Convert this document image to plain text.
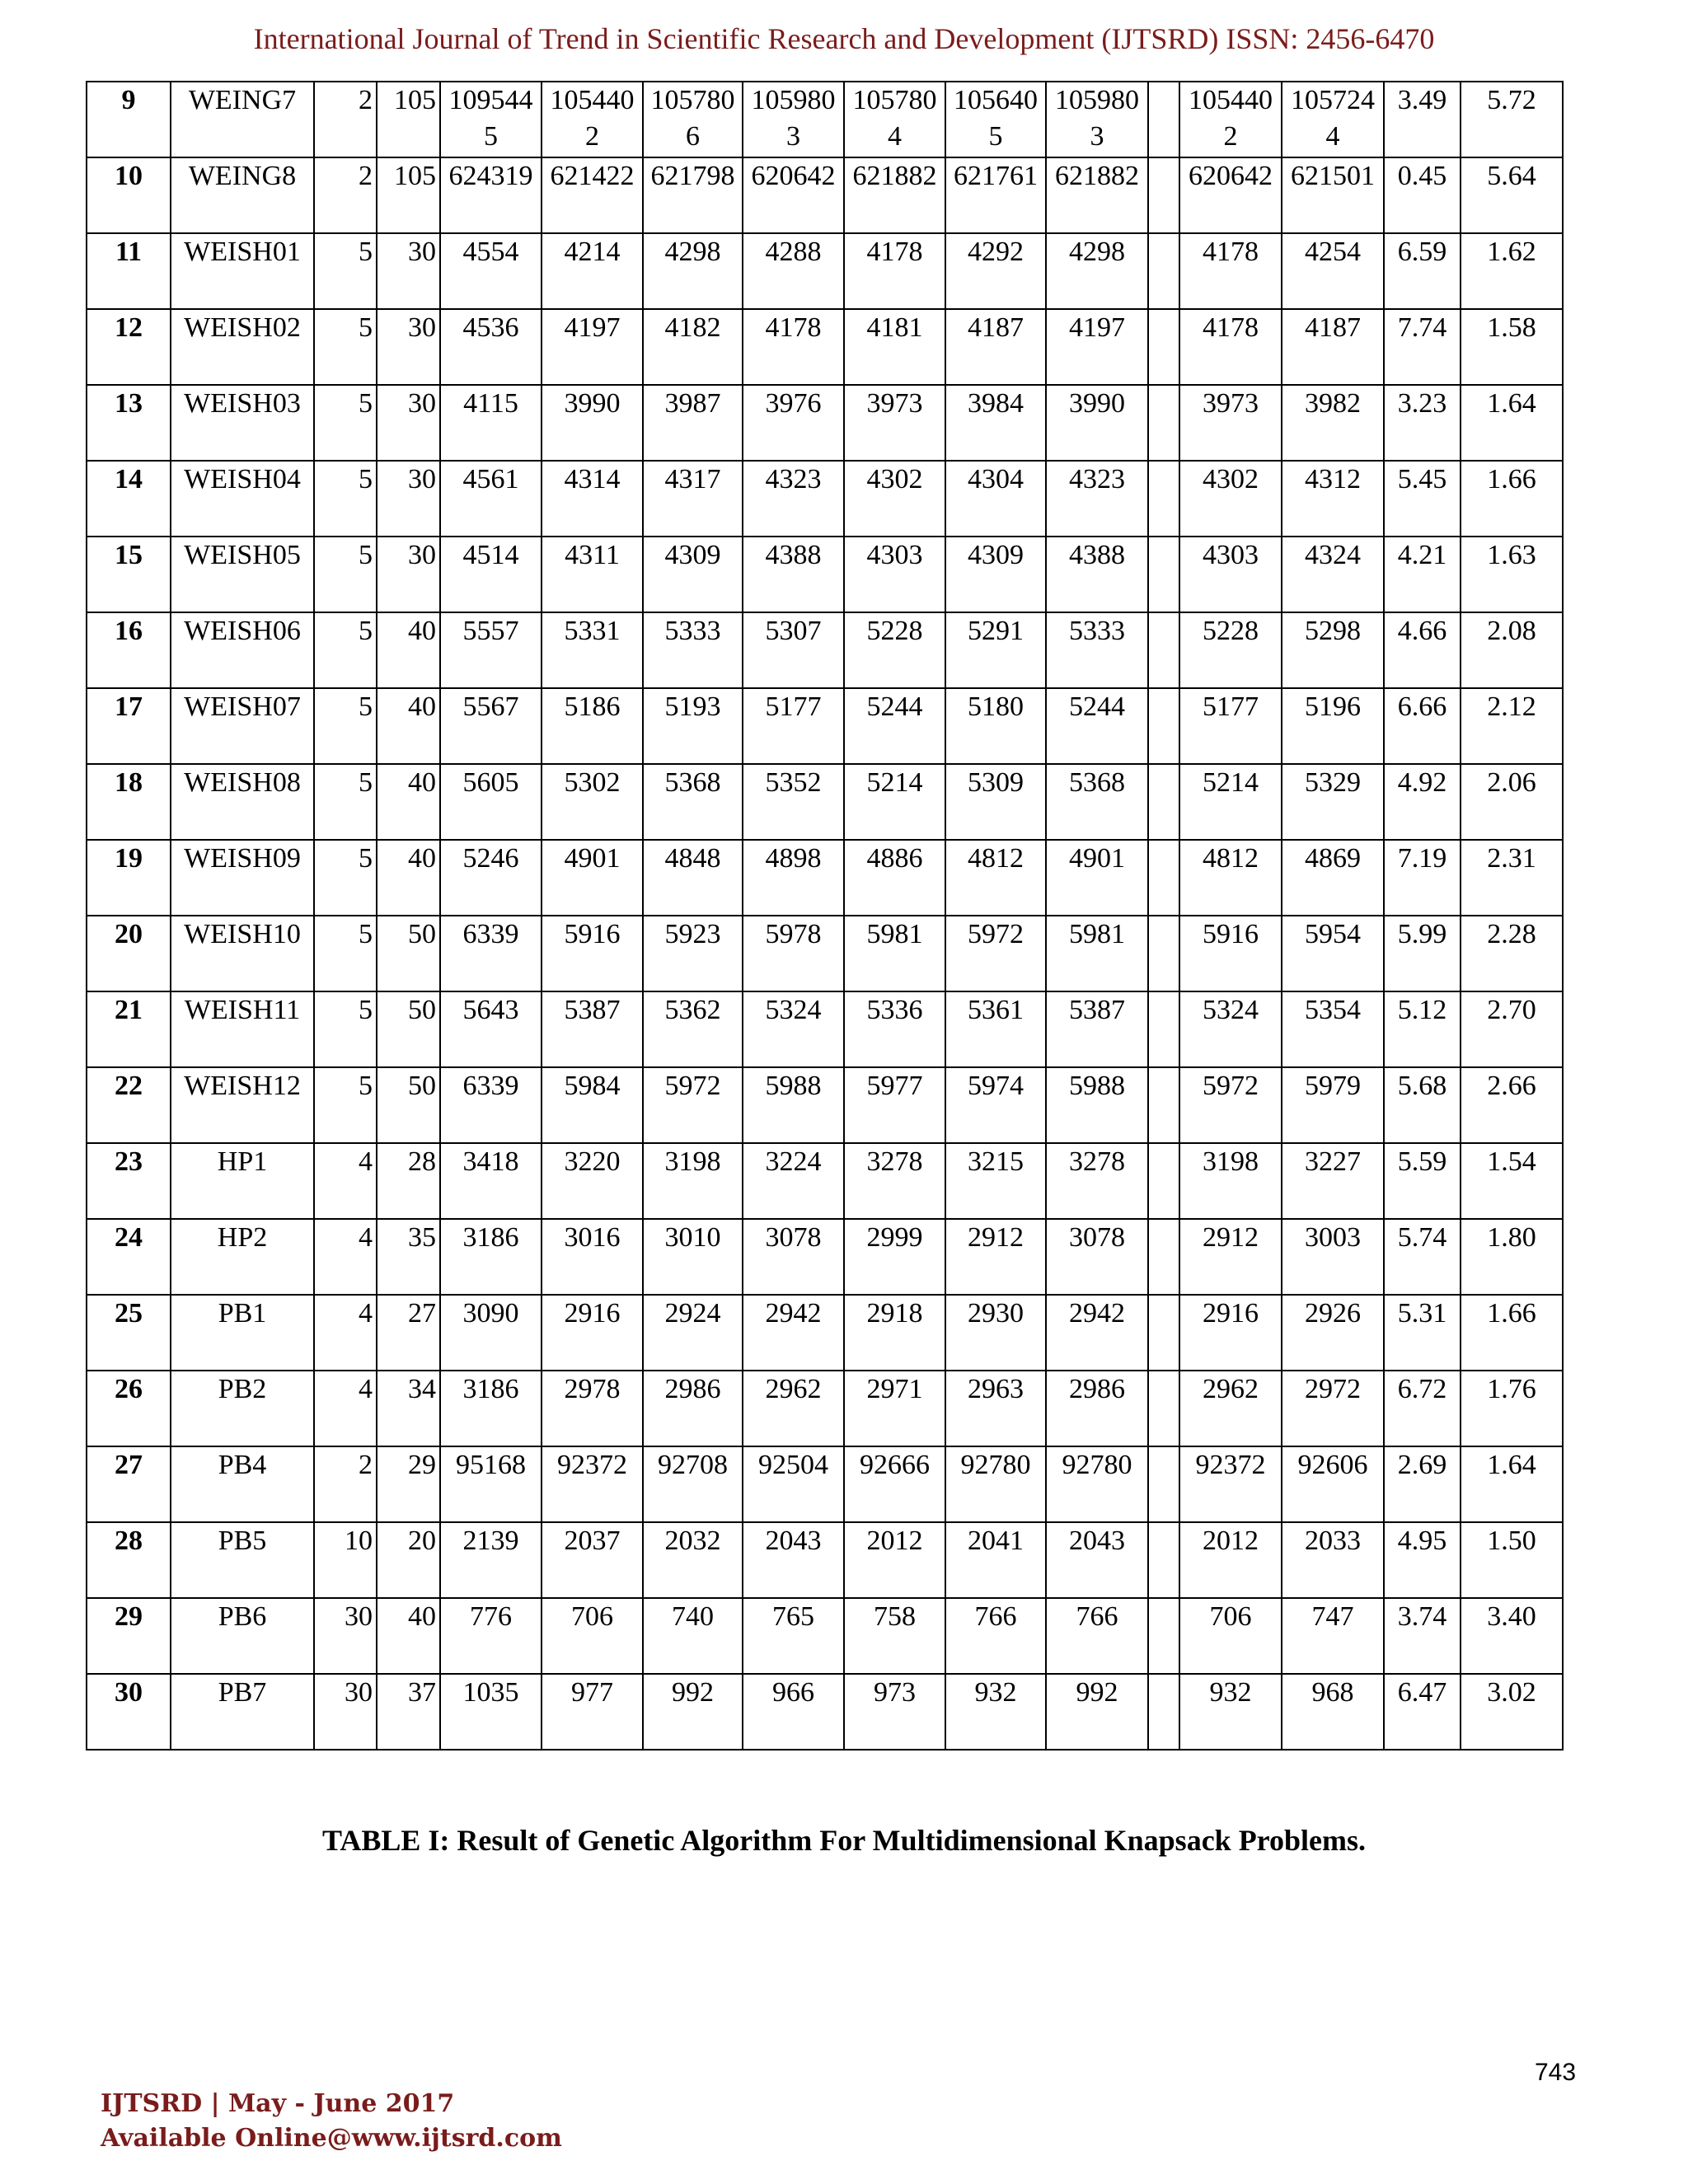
International Journal of Trend in Scientific Research and Development (IJTSRD) ISSN: 2456-6470
9	WEING7	2	105	1095445	1054402	1057806	1059803	1057804	1056405	1059803		1054402	1057244	3.49	5.72
10	WEING8	2	105	624319	621422	621798	620642	621882	621761	621882		620642	621501	0.45	5.64
11	WEISH01	5	30	4554	4214	4298	4288	4178	4292	4298		4178	4254	6.59	1.62
12	WEISH02	5	30	4536	4197	4182	4178	4181	4187	4197		4178	4187	7.74	1.58
13	WEISH03	5	30	4115	3990	3987	3976	3973	3984	3990		3973	3982	3.23	1.64
14	WEISH04	5	30	4561	4314	4317	4323	4302	4304	4323		4302	4312	5.45	1.66
15	WEISH05	5	30	4514	4311	4309	4388	4303	4309	4388		4303	4324	4.21	1.63
16	WEISH06	5	40	5557	5331	5333	5307	5228	5291	5333		5228	5298	4.66	2.08
17	WEISH07	5	40	5567	5186	5193	5177	5244	5180	5244		5177	5196	6.66	2.12
18	WEISH08	5	40	5605	5302	5368	5352	5214	5309	5368		5214	5329	4.92	2.06
19	WEISH09	5	40	5246	4901	4848	4898	4886	4812	4901		4812	4869	7.19	2.31
20	WEISH10	5	50	6339	5916	5923	5978	5981	5972	5981		5916	5954	5.99	2.28
21	WEISH11	5	50	5643	5387	5362	5324	5336	5361	5387		5324	5354	5.12	2.70
22	WEISH12	5	50	6339	5984	5972	5988	5977	5974	5988		5972	5979	5.68	2.66
23	HP1	4	28	3418	3220	3198	3224	3278	3215	3278		3198	3227	5.59	1.54
24	HP2	4	35	3186	3016	3010	3078	2999	2912	3078		2912	3003	5.74	1.80
25	PB1	4	27	3090	2916	2924	2942	2918	2930	2942		2916	2926	5.31	1.66
26	PB2	4	34	3186	2978	2986	2962	2971	2963	2986		2962	2972	6.72	1.76
27	PB4	2	29	95168	92372	92708	92504	92666	92780	92780		92372	92606	2.69	1.64
28	PB5	10	20	2139	2037	2032	2043	2012	2041	2043		2012	2033	4.95	1.50
29	PB6	30	40	776	706	740	765	758	766	766		706	747	3.74	3.40
30	PB7	30	37	1035	977	992	966	973	932	992		932	968	6.47	3.02
TABLE I: Result of Genetic Algorithm For Multidimensional Knapsack Problems.
743
IJTSRD | May - June 2017
Available Online@www.ijtsrd.com
